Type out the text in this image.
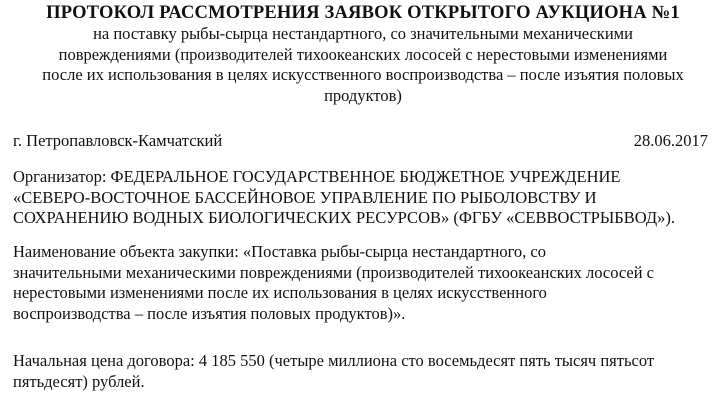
ПРОТОКОЛ РАССМОТРЕНИЯ ЗАЯВОК ОТКРЫТОГО АУКЦИОНА №1
на поставку рыбы-сырца нестандартного, со значительными механическими
повреждениями (производителей тихоокеанских лососей с нерестовыми изменениями
после их использования в целях искусственного воспроизводства – после изъятия половых
продуктов)
г. Петропавловск-Камчатский	28.06.2017
Организатор: ФЕДЕРАЛЬНОЕ ГОСУДАРСТВЕННОЕ БЮДЖЕТНОЕ УЧРЕЖДЕНИЕ
«СЕВЕРО-ВОСТОЧНОЕ БАССЕЙНОВОЕ УПРАВЛЕНИЕ ПО РЫБОЛОВСТВУ И
СОХРАНЕНИЮ ВОДНЫХ БИОЛОГИЧЕСКИХ РЕСУРСОВ» (ФГБУ «СЕВВОСТРЫБВОД»).
Наименование объекта закупки: «Поставка рыбы-сырца нестандартного, со
значительными механическими повреждениями (производителей тихоокеанских лососей с
нерестовыми изменениями после их использования в целях искусственного
воспроизводства – после изъятия половых продуктов)».
Начальная цена договора: 4 185 550 (четыре миллиона сто восемьдесят пять тысяч пятьсот
пятьдесят) рублей.
